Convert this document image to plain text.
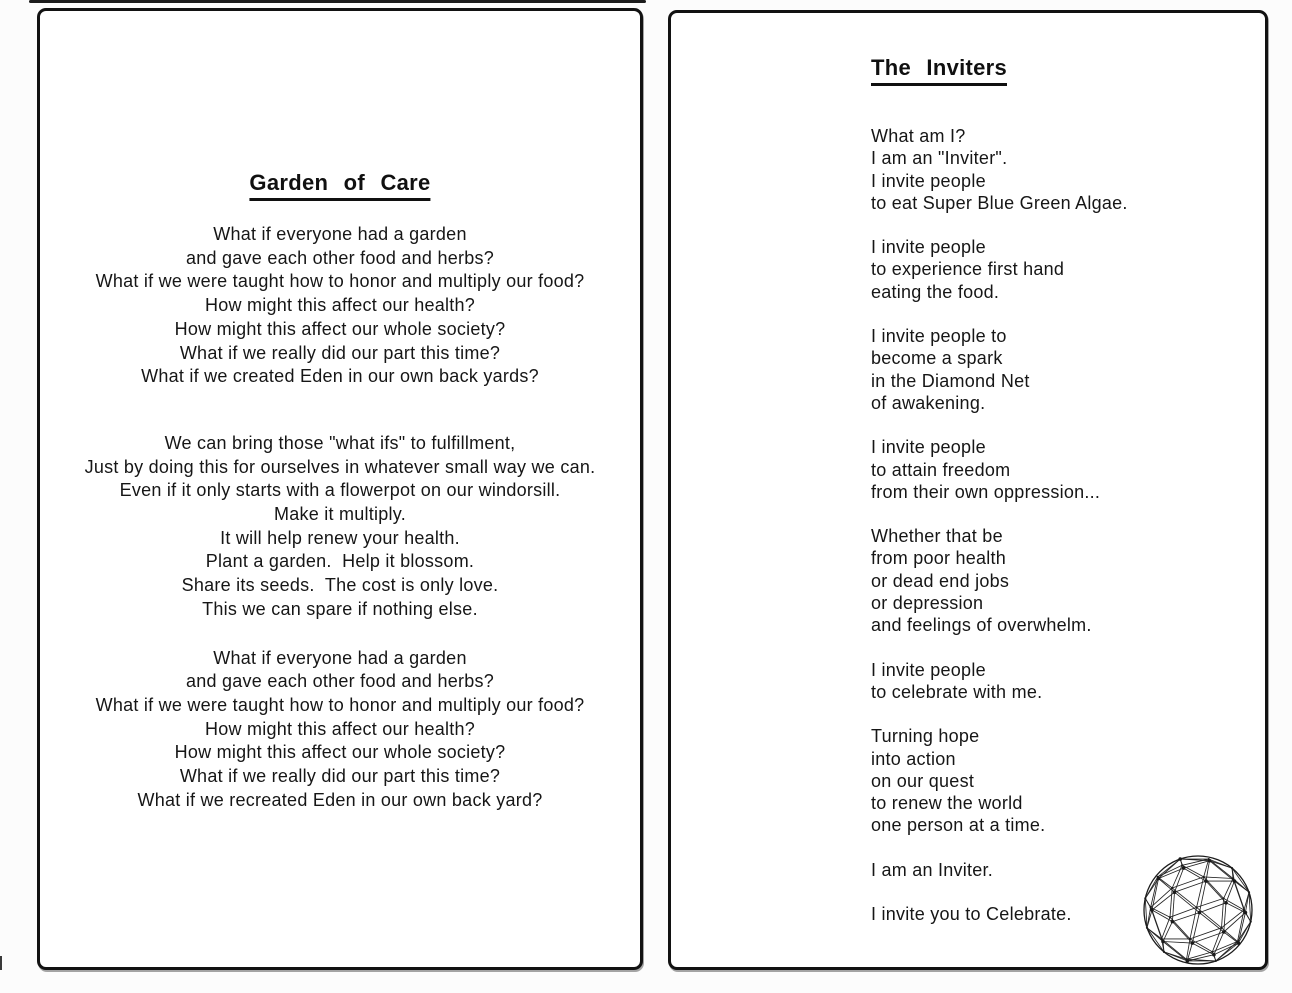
Garden of Care
What if everyone had a garden
and gave each other food and herbs?
What if we were taught how to honor and multiply our food?
How might this affect our health?
How might this affect our whole society?
What if we really did our part this time?
What if we created Eden in our own back yards?
We can bring those "what ifs" to fulfillment,
Just by doing this for ourselves in whatever small way we can.
Even if it only starts with a flowerpot on our windorsill.
Make it multiply.
It will help renew your health.
Plant a garden.  Help it blossom.
Share its seeds.  The cost is only love.
This we can spare if nothing else.
What if everyone had a garden
and gave each other food and herbs?
What if we were taught how to honor and multiply our food?
How might this affect our health?
How might this affect our whole society?
What if we really did our part this time?
What if we recreated Eden in our own back yard?
The Inviters
What am I?
I am an "Inviter".
I invite people
to eat Super Blue Green Algae.
I invite people
to experience first hand
eating the food.
I invite people to
become a spark
in the Diamond Net
of awakening.
I invite people
to attain freedom
from their own oppression...
Whether that be
from poor health
or dead end jobs
or depression
and feelings of overwhelm.
I invite people
to celebrate with me.
Turning hope
into action
on our quest
to renew the world
one person at a time.
I am an Inviter.
I invite you to Celebrate.
